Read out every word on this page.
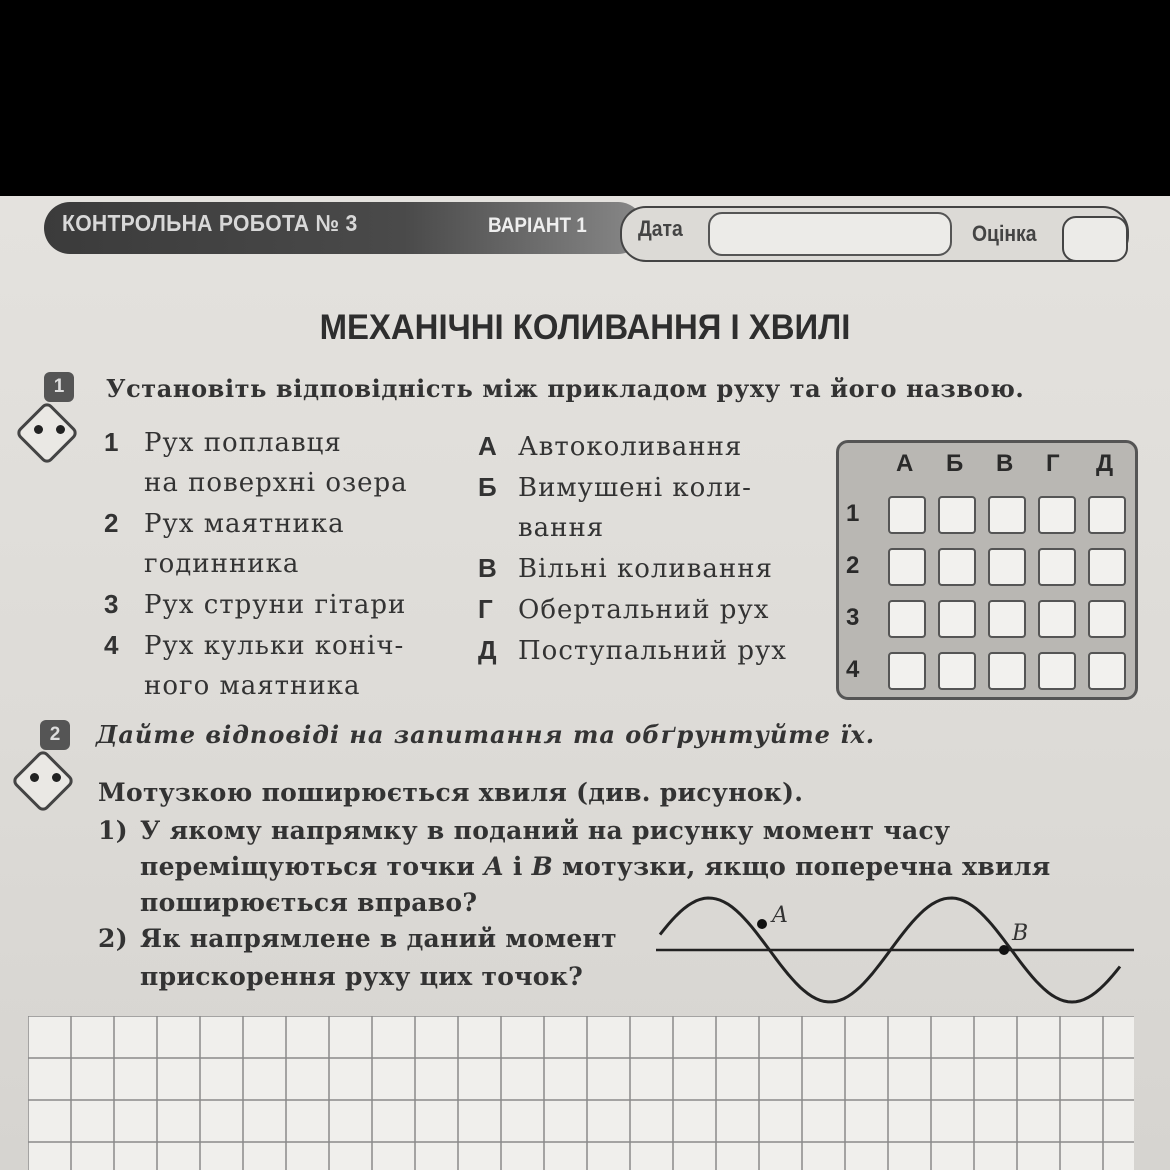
КОНТРОЛЬНА РОБОТА № 3	ВАРІАНТ 1 Дата	Оцінка
МЕХАНІЧНІ КОЛИВАННЯ І ХВИЛІ
1	Установіть відповідність між прикладом руху та його назвою.
1 Рух поплавця
на поверхні озера
2 Рух маятника
годинника
3 Рух струни гітари
4 Рух кульки коніч-
ного маятника
А Автоколивання
Б Вимушені коли-
вання
В Вільні коливання
Г Обертальний рух
Д Поступальний рух
2	Дайте відповіді на запитання та обґрунтуйте їх.
Мотузкою поширюється хвиля (див. рисунок).
1) У якому напрямку в поданий на рисунку момент часу
переміщуються точки A і B мотузки, якщо поперечна хвиля
поширюється вправо?
2) Як напрямлене в даний момент
прискорення руху цих точок?
A
B
А Б В Г Д
1
2
3
4
